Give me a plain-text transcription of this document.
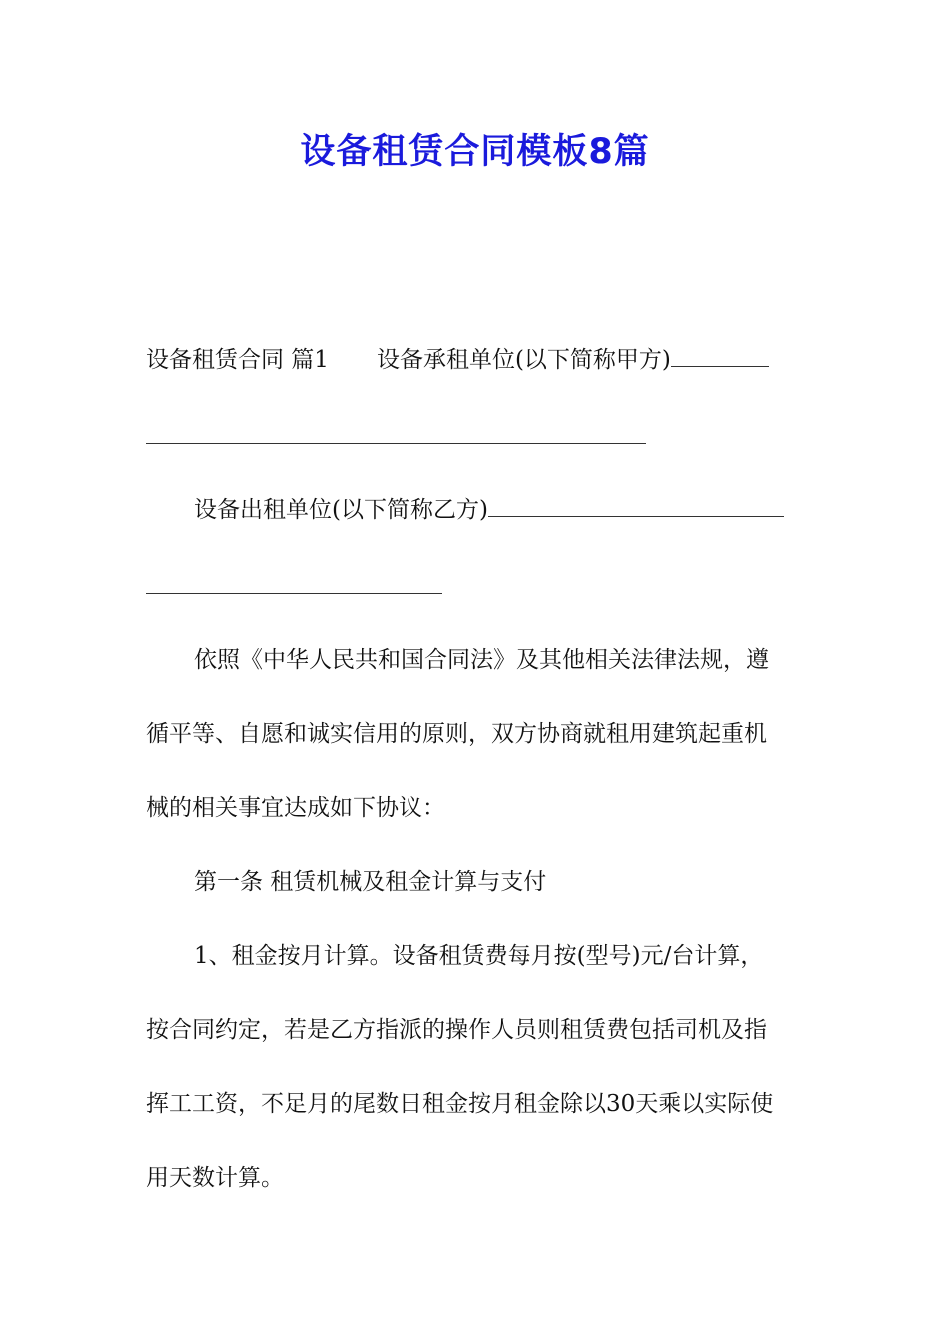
设备租赁合同模板8篇
设备租赁合同 篇1 设备承租单位(以下简称甲方)
设备出租单位(以下简称乙方)
依照《中华人民共和国合同法》及其他相关法律法规，遵
循平等、自愿和诚实信用的原则，双方协商就租用建筑起重机
械的相关事宜达成如下协议：
第一条 租赁机械及租金计算与支付
1、租金按月计算。设备租赁费每月按(型号)元/台计算，
按合同约定，若是乙方指派的操作人员则租赁费包括司机及指
挥工工资，不足月的尾数日租金按月租金除以30天乘以实际使
用天数计算。
